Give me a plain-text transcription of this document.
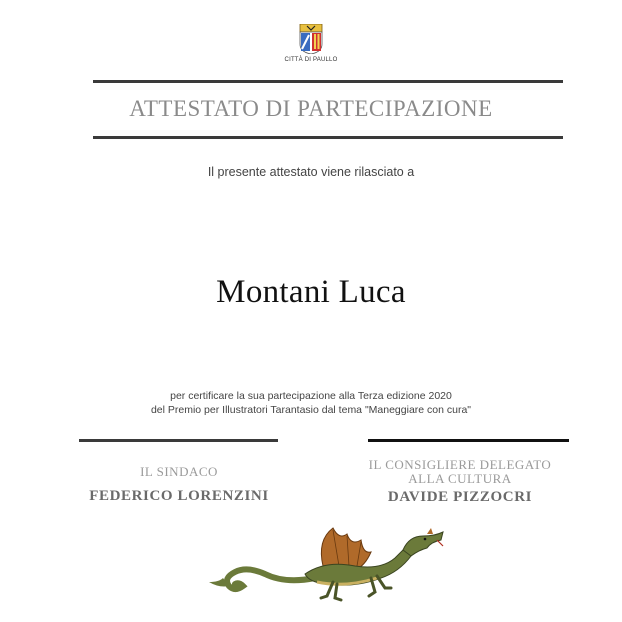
CITTÀ DI PAULLO
ATTESTATO DI PARTECIPAZIONE
Il presente attestato viene rilasciato a
Montani Luca
per certificare la sua partecipazione alla Terza edizione 2020
del Premio per Illustratori Tarantasio dal tema "Maneggiare con cura"
IL SINDACO
FEDERICO LORENZINI
IL CONSIGLIERE DELEGATO
ALLA CULTURA
DAVIDE PIZZOCRI
